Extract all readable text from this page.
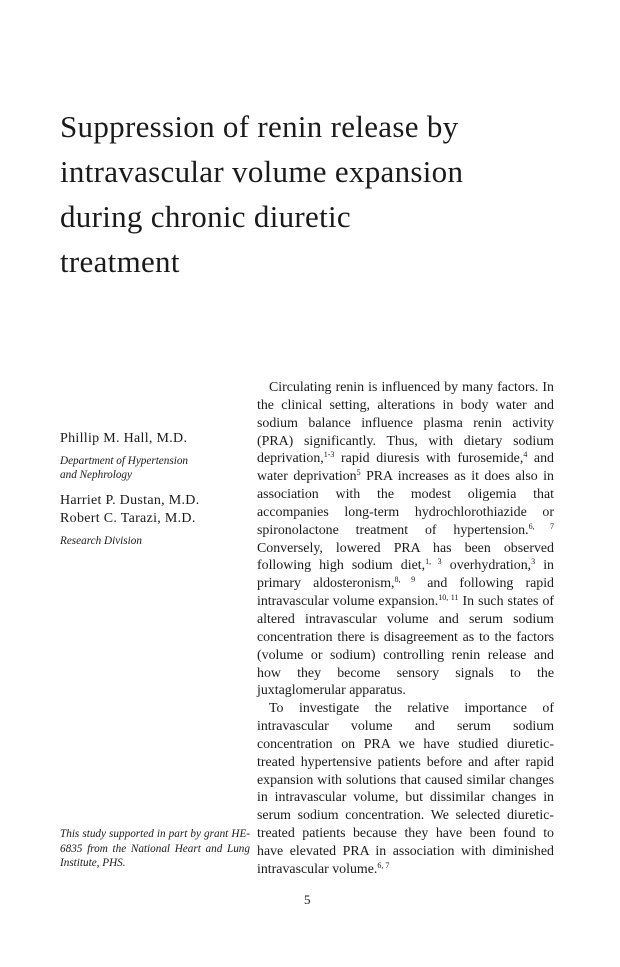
Suppression of renin release by
intravascular volume expansion
during chronic diuretic
treatment
Phillip M. Hall, M.D.
Department of Hypertension
and Nephrology
Harriet P. Dustan, M.D.
Robert C. Tarazi, M.D.
Research Division
This study supported in part by grant HE-6835 from the National Heart and Lung Institute, PHS.

Circulating renin is influenced by many factors. In the clinical setting, alterations in body water and sodium balance influence plasma renin activity (PRA) significantly. Thus, with dietary sodium deprivation,$^{1-3}$ rapid diuresis with furosemide,$^4$ and water deprivation$^5$ PRA increases as it does also in association with the modest oligemia that accompanies long-term hydrochlorothiazide or spironolactone treatment of hypertension.$^{6, 7}$ Conversely, lowered PRA has been observed following high sodium diet,$^{1, 3}$ overhydration,$^3$ in primary aldosteronism,$^{8, 9}$ and following rapid intravascular volume expansion.$^{10, 11}$ In such states of altered intravascular volume and serum sodium concentration there is disagreement as to the factors (volume or sodium) controlling renin release and how they become sensory signals to the juxtaglomerular apparatus.

To investigate the relative importance of intravascular volume and serum sodium concentration on PRA we have studied diuretic-treated hypertensive patients before and after rapid expansion with solutions that caused similar changes in intravascular volume, but dissimilar changes in serum sodium concentration. We selected diuretic-treated patients because they have been found to have elevated PRA in association with diminished intravascular volume.$^{6, 7}$

5
